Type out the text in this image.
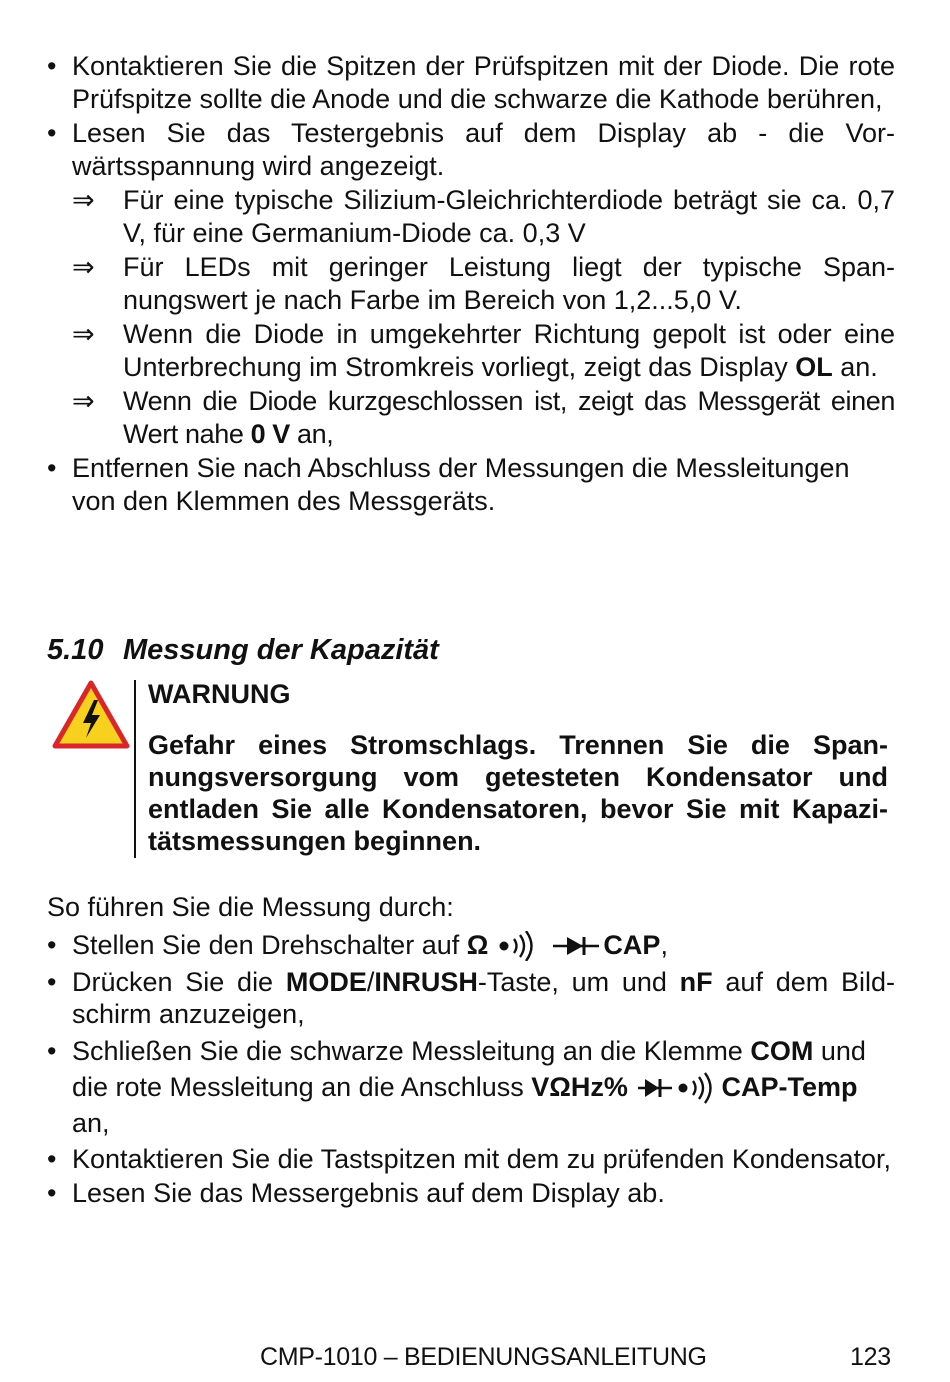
• Kontaktieren Sie die Spitzen der Prüfspitzen mit der Diode. Die rote Prüfspitze sollte die Anode und die schwarze die Kathode berühren,
• Lesen Sie das Testergebnis auf dem Display ab - die Vorwärtsspannung wird angezeigt.
⇒ Für eine typische Silizium-Gleichrichterdiode beträgt sie ca. 0,7 V, für eine Germanium-Diode ca. 0,3 V
⇒ Für LEDs mit geringer Leistung liegt der typische Spannungswert je nach Farbe im Bereich von 1,2...5,0 V.
⇒ Wenn die Diode in umgekehrter Richtung gepolt ist oder eine Unterbrechung im Stromkreis vorliegt, zeigt das Display OL an.
⇒ Wenn die Diode kurzgeschlossen ist, zeigt das Messgerät einen Wert nahe 0 V an,
• Entfernen Sie nach Abschluss der Messungen die Messleitungen von den Klemmen des Messgeräts.
5.10 Messung der Kapazität
WARNUNG
Gefahr eines Stromschlags. Trennen Sie die Spannungsversorgung vom getesteten Kondensator und entladen Sie alle Kondensatoren, bevor Sie mit Kapazitätsmessungen beginnen.
So führen Sie die Messung durch:
• Stellen Sie den Drehschalter auf Ω	CAP,
• Drücken Sie die MODE/INRUSH-Taste, um und nF auf dem Bildschirm anzuzeigen,
• Schließen Sie die schwarze Messleitung an die Klemme COM und die rote Messleitung an die Anschluss VΩHz%	CAP-Temp an,
• Kontaktieren Sie die Tastspitzen mit dem zu prüfenden Kondensator,
• Lesen Sie das Messergebnis auf dem Display ab.
CMP-1010 – BEDIENUNGSANLEITUNG	123
